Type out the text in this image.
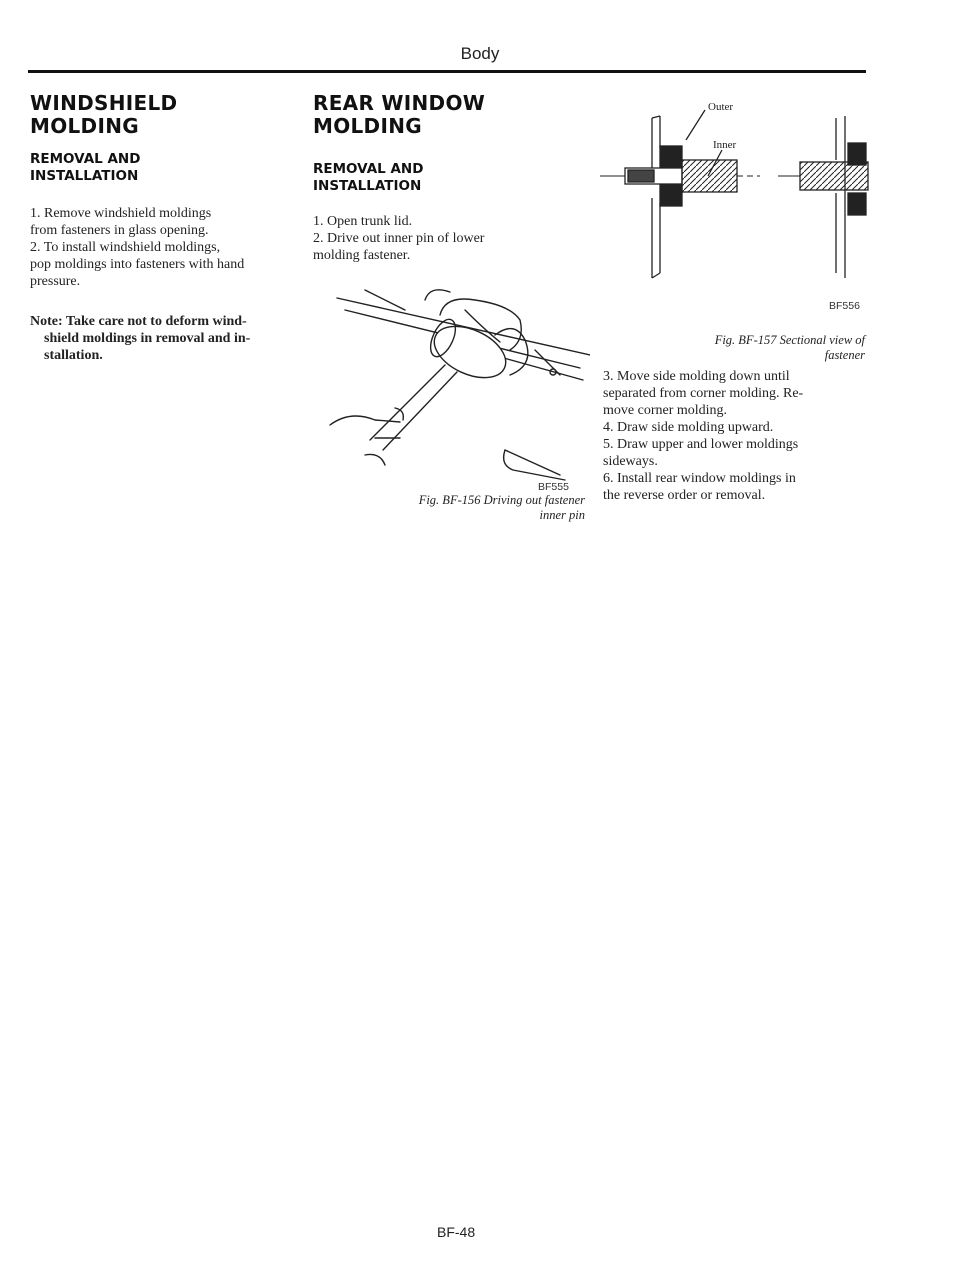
Body
WINDSHIELD
MOLDING
REMOVAL AND
INSTALLATION
1. Remove windshield moldings
from fasteners in glass opening.
2. To install windshield moldings,
pop moldings into fasteners with hand
pressure.
Note: Take care not to deform wind-
shield moldings in removal and in-
stallation.
REAR WINDOW
MOLDING
REMOVAL AND
INSTALLATION
1. Open trunk lid.
2. Drive out inner pin of lower
molding fastener.
BF555
Fig. BF-156 Driving out fastener
inner pin
Outer
Inner
BF556
Fig. BF-157 Sectional view of
fastener
3. Move side molding down until
separated from corner molding. Re-
move corner molding.
4. Draw side molding upward.
5. Draw upper and lower moldings
sideways.
6. Install rear window moldings in
the reverse order or removal.
BF-48
